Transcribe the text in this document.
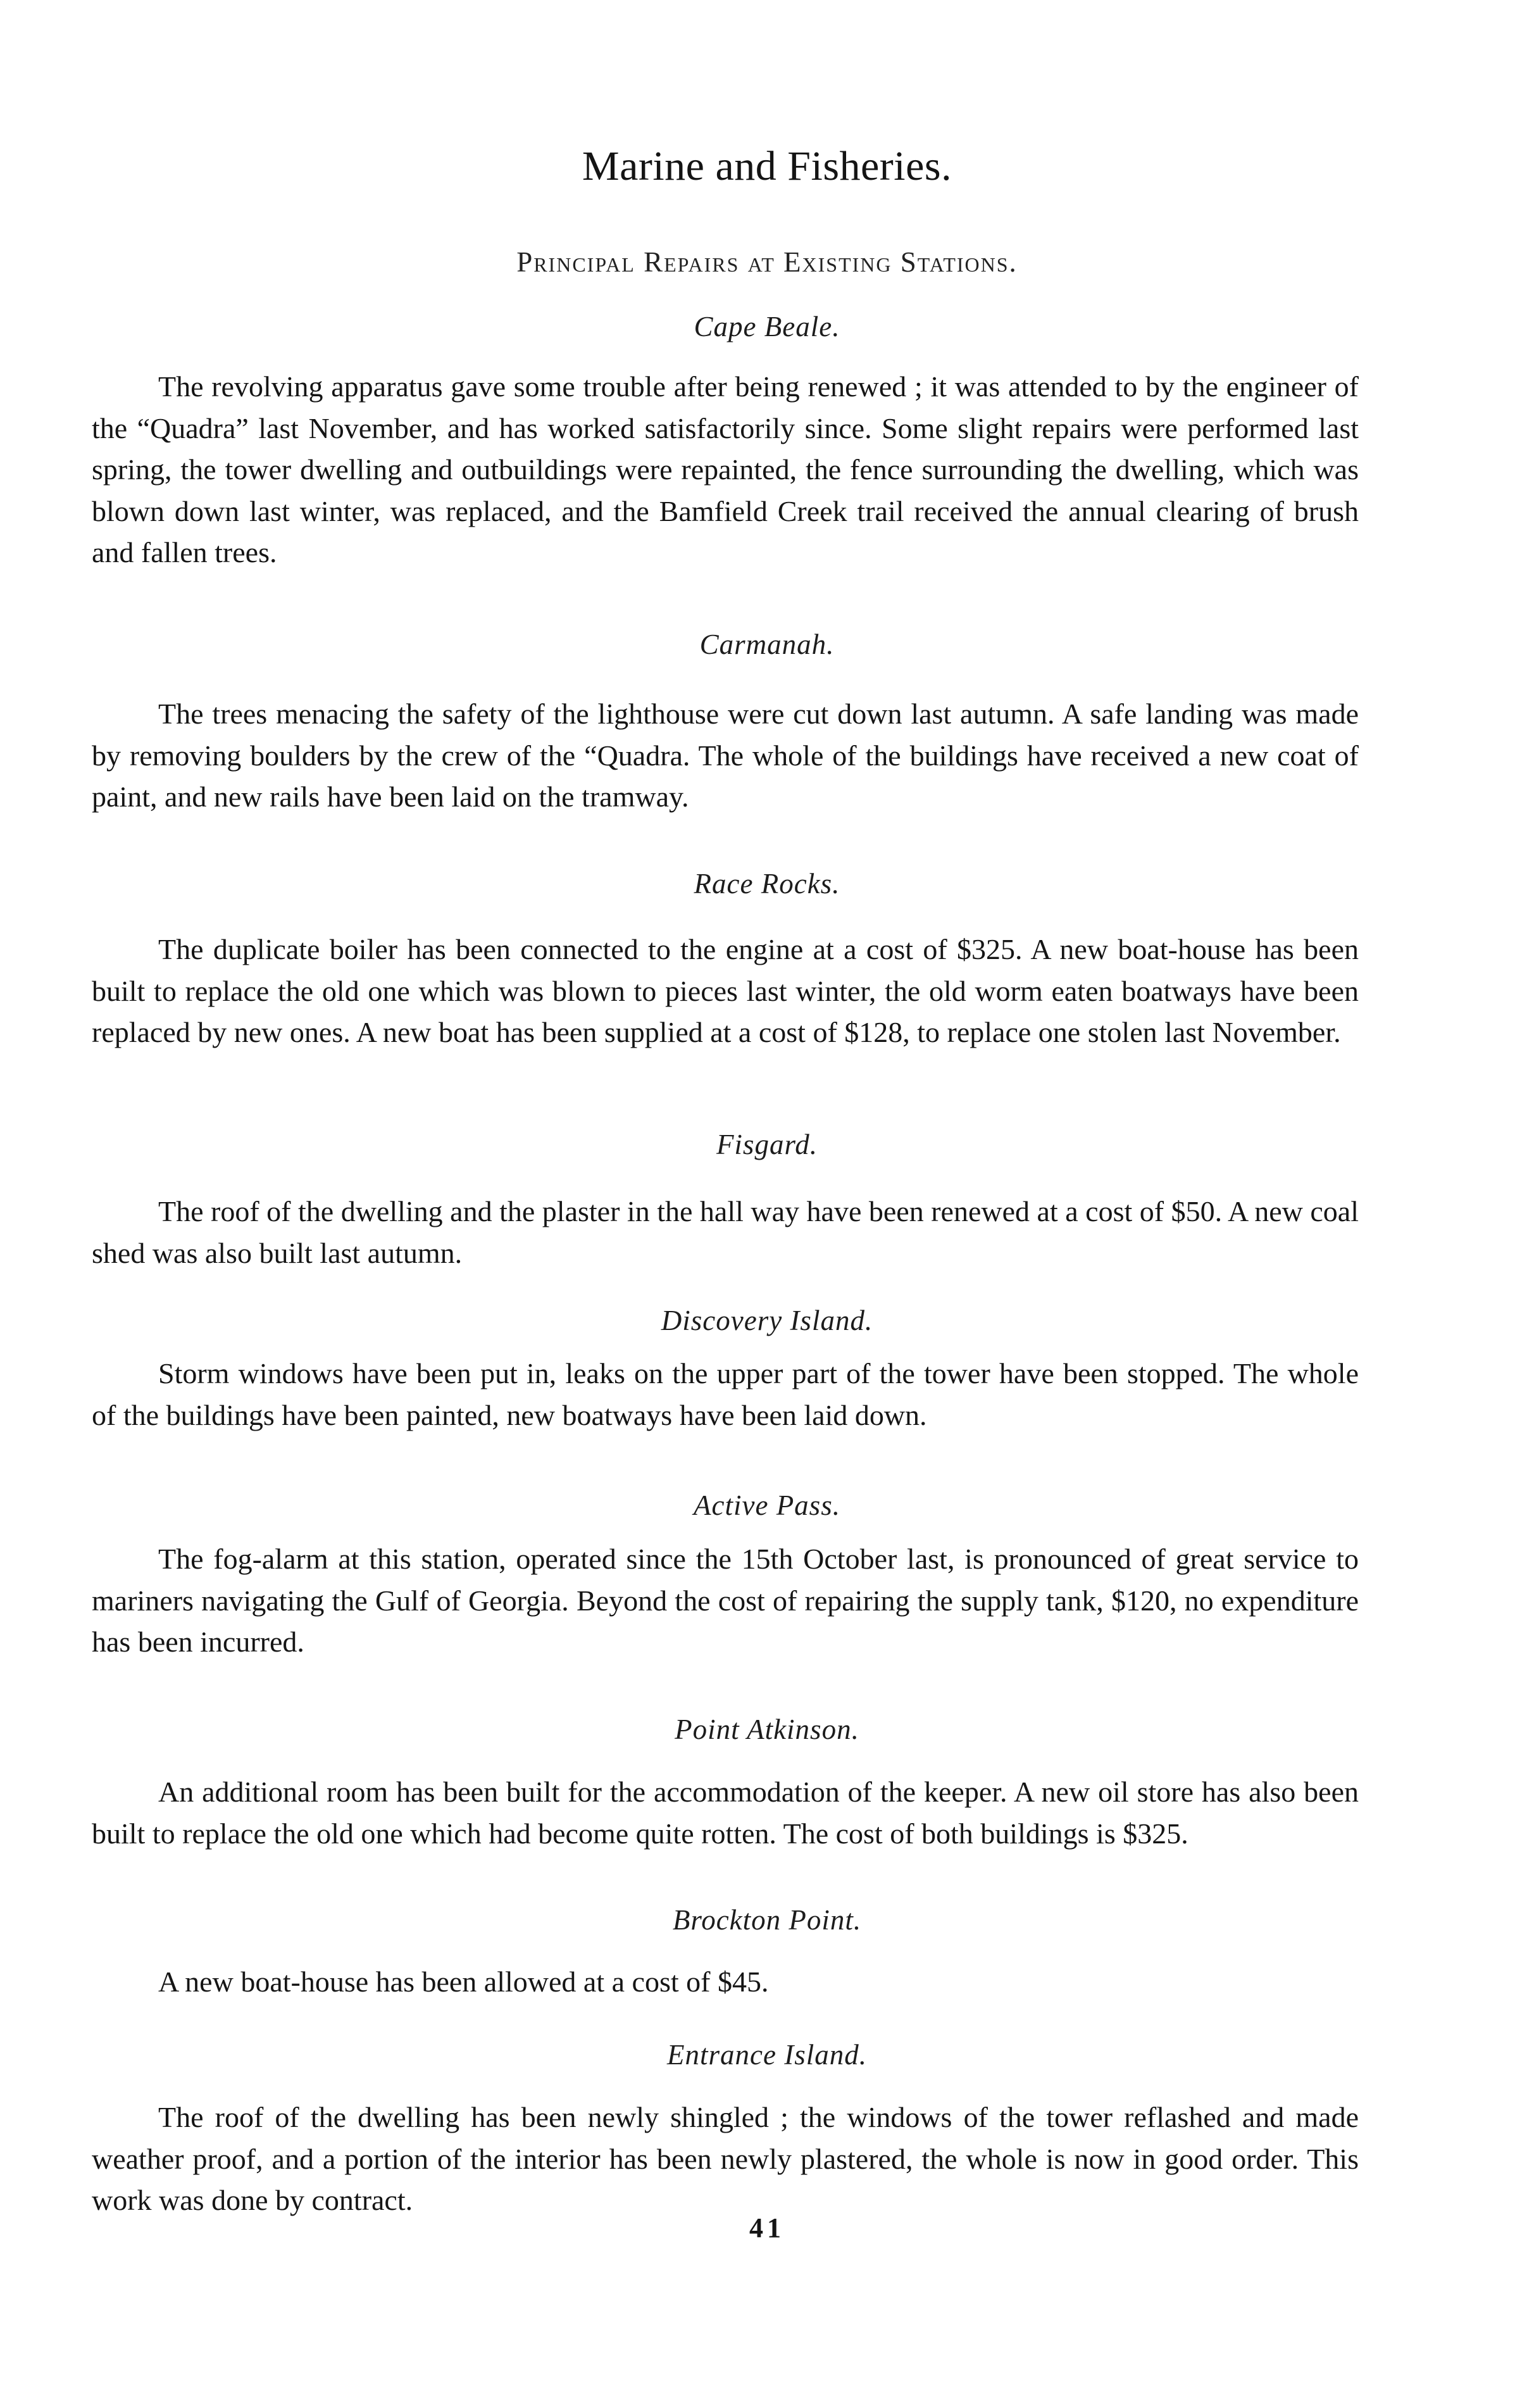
Marine and Fisheries.
Principal Repairs at Existing Stations.
Cape Beale.
The revolving apparatus gave some trouble after being renewed ; it was attended to by the engineer of the “Quadra” last November, and has worked satisfactorily since. Some slight repairs were performed last spring, the tower dwelling and outbuildings were repainted, the fence surrounding the dwelling, which was blown down last winter, was replaced, and the Bamfield Creek trail received the annual clearing of brush and fallen trees.
Carmanah.
The trees menacing the safety of the lighthouse were cut down last autumn. A safe landing was made by removing boulders by the crew of the “Quadra. The whole of the buildings have received a new coat of paint, and new rails have been laid on the tramway.
Race Rocks.
The duplicate boiler has been connected to the engine at a cost of $325. A new boat-house has been built to replace the old one which was blown to pieces last winter, the old worm eaten boatways have been replaced by new ones. A new boat has been supplied at a cost of $128, to replace one stolen last November.
Fisgard.
The roof of the dwelling and the plaster in the hall way have been renewed at a cost of $50. A new coal shed was also built last autumn.
Discovery Island.
Storm windows have been put in, leaks on the upper part of the tower have been stopped. The whole of the buildings have been painted, new boatways have been laid down.
Active Pass.
The fog-alarm at this station, operated since the 15th October last, is pronounced of great service to mariners navigating the Gulf of Georgia. Beyond the cost of repairing the supply tank, $120, no expenditure has been incurred.
Point Atkinson.
An additional room has been built for the accommodation of the keeper. A new oil store has also been built to replace the old one which had become quite rotten. The cost of both buildings is $325.
Brockton Point.
A new boat-house has been allowed at a cost of $45.
Entrance Island.
The roof of the dwelling has been newly shingled ; the windows of the tower reflashed and made weather proof, and a portion of the interior has been newly plastered, the whole is now in good order. This work was done by contract.
41
